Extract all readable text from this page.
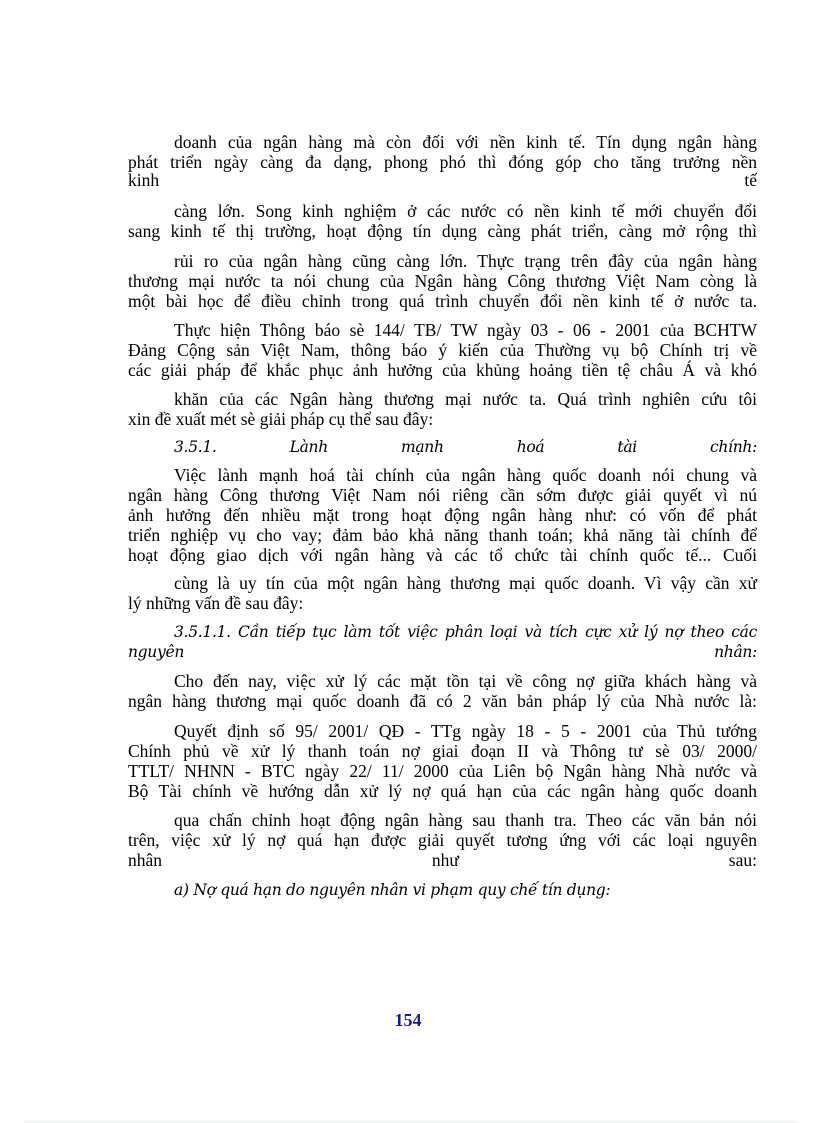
doanh của ngân hàng mà còn đối với nền kinh tế. Tín dụng ngân hàng
phát triển ngày càng đa dạng, phong phó thì đóng góp cho tăng trưởng nền
kinh tế
càng lớn. Song kinh nghiệm ở các nước có nền kinh tế mới chuyển đổi
sang kinh tế thị trường, hoạt động tín dụng càng phát triển, càng mở rộng thì
rủi ro của ngân hàng cũng càng lớn. Thực trạng trên đây của ngân hàng
thương mại nước ta nói chung của Ngân hàng Công thương Việt Nam còng là
một bài học để điều chỉnh trong quá trình chuyển đổi nền kinh tế ở nước ta.
Thực hiện Thông báo sè 144/ TB/ TW ngày 03 - 06 - 2001 của BCHTW
Đảng Cộng sản Việt Nam, thông báo ý kiến của Thường vụ bộ Chính trị về
các giải pháp để khắc phục ảnh hưởng của khủng hoảng tiền tệ châu Á và khó
khăn của các Ngân hàng thương mại nước ta. Quá trình nghiên cứu tôi
xin đề xuất mét sè giải pháp cụ thể sau đây:
3.5.1. Lành mạnh hoá tài chính:
Việc lành mạnh hoá tài chính của ngân hàng quốc doanh nói chung và
ngân hàng Công thương Việt Nam nói riêng cần sớm được giải quyết vì nú
ảnh hưởng đến nhiều mặt trong hoạt động ngân hàng như: có vốn để phát
triển nghiệp vụ cho vay; đảm bảo khả năng thanh toán; khả năng tài chính để
hoạt động giao dịch với ngân hàng và các tổ chức tài chính quốc tế... Cuối
cùng là uy tín của một ngân hàng thương mại quốc doanh. Vì vậy cần xử
lý những vấn đề sau đây:
3.5.1.1. Cần tiếp tục làm tốt việc phân loại và tích cực xử lý nợ theo các
nguyên nhân:
Cho đến nay, việc xử lý các mặt tồn tại về công nợ giữa khách hàng và
ngân hàng thương mại quốc doanh đã có 2 văn bản pháp lý của Nhà nước là:
Quyết định số 95/ 2001/ QĐ - TTg ngày 18 - 5 - 2001 của Thủ tướng
Chính phủ về xử lý thanh toán nợ giai đoạn II và Thông tư sè 03/ 2000/
TTLT/ NHNN - BTC ngày 22/ 11/ 2000 của Liên bộ Ngân hàng Nhà nước và
Bộ Tài chính về hướng dẫn xử lý nợ quá hạn của các ngân hàng quốc doanh
qua chấn chỉnh hoạt động ngân hàng sau thanh tra. Theo các văn bản nói
trên, việc xử lý nợ quá hạn được giải quyết tương ứng với các loại nguyên
nhân như sau:
a) Nợ quá hạn do nguyên nhân vi phạm quy chế tín dụng:
154
